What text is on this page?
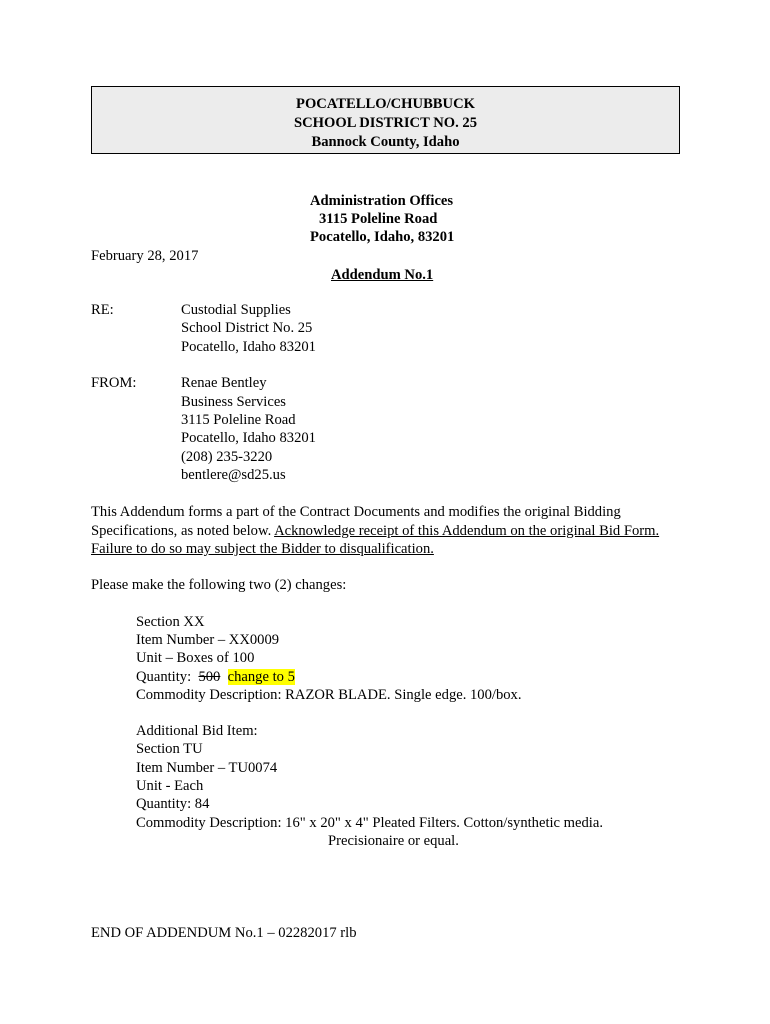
POCATELLO/CHUBBUCK
SCHOOL DISTRICT NO. 25
Bannock County, Idaho
Administration Offices
3115 Poleline Road
Pocatello, Idaho, 83201
February 28, 2017
Addendum No.1
RE:	Custodial Supplies
School District No. 25
Pocatello, Idaho 83201
FROM:	Renae Bentley
Business Services
3115 Poleline Road
Pocatello, Idaho 83201
(208) 235-3220
bentlere@sd25.us
This Addendum forms a part of the Contract Documents and modifies the original Bidding Specifications, as noted below. Acknowledge receipt of this Addendum on the original Bid Form. Failure to do so may subject the Bidder to disqualification.
Please make the following two (2) changes:
Section XX
Item Number – XX0009
Unit – Boxes of 100
Quantity:  500 change to 5
Commodity Description: RAZOR BLADE. Single edge. 100/box.
Additional Bid Item:
Section TU
Item Number – TU0074
Unit - Each
Quantity: 84
Commodity Description: 16" x 20" x 4" Pleated Filters. Cotton/synthetic media.
Precisionaire or equal.
END OF ADDENDUM No.1 – 02282017 rlb
